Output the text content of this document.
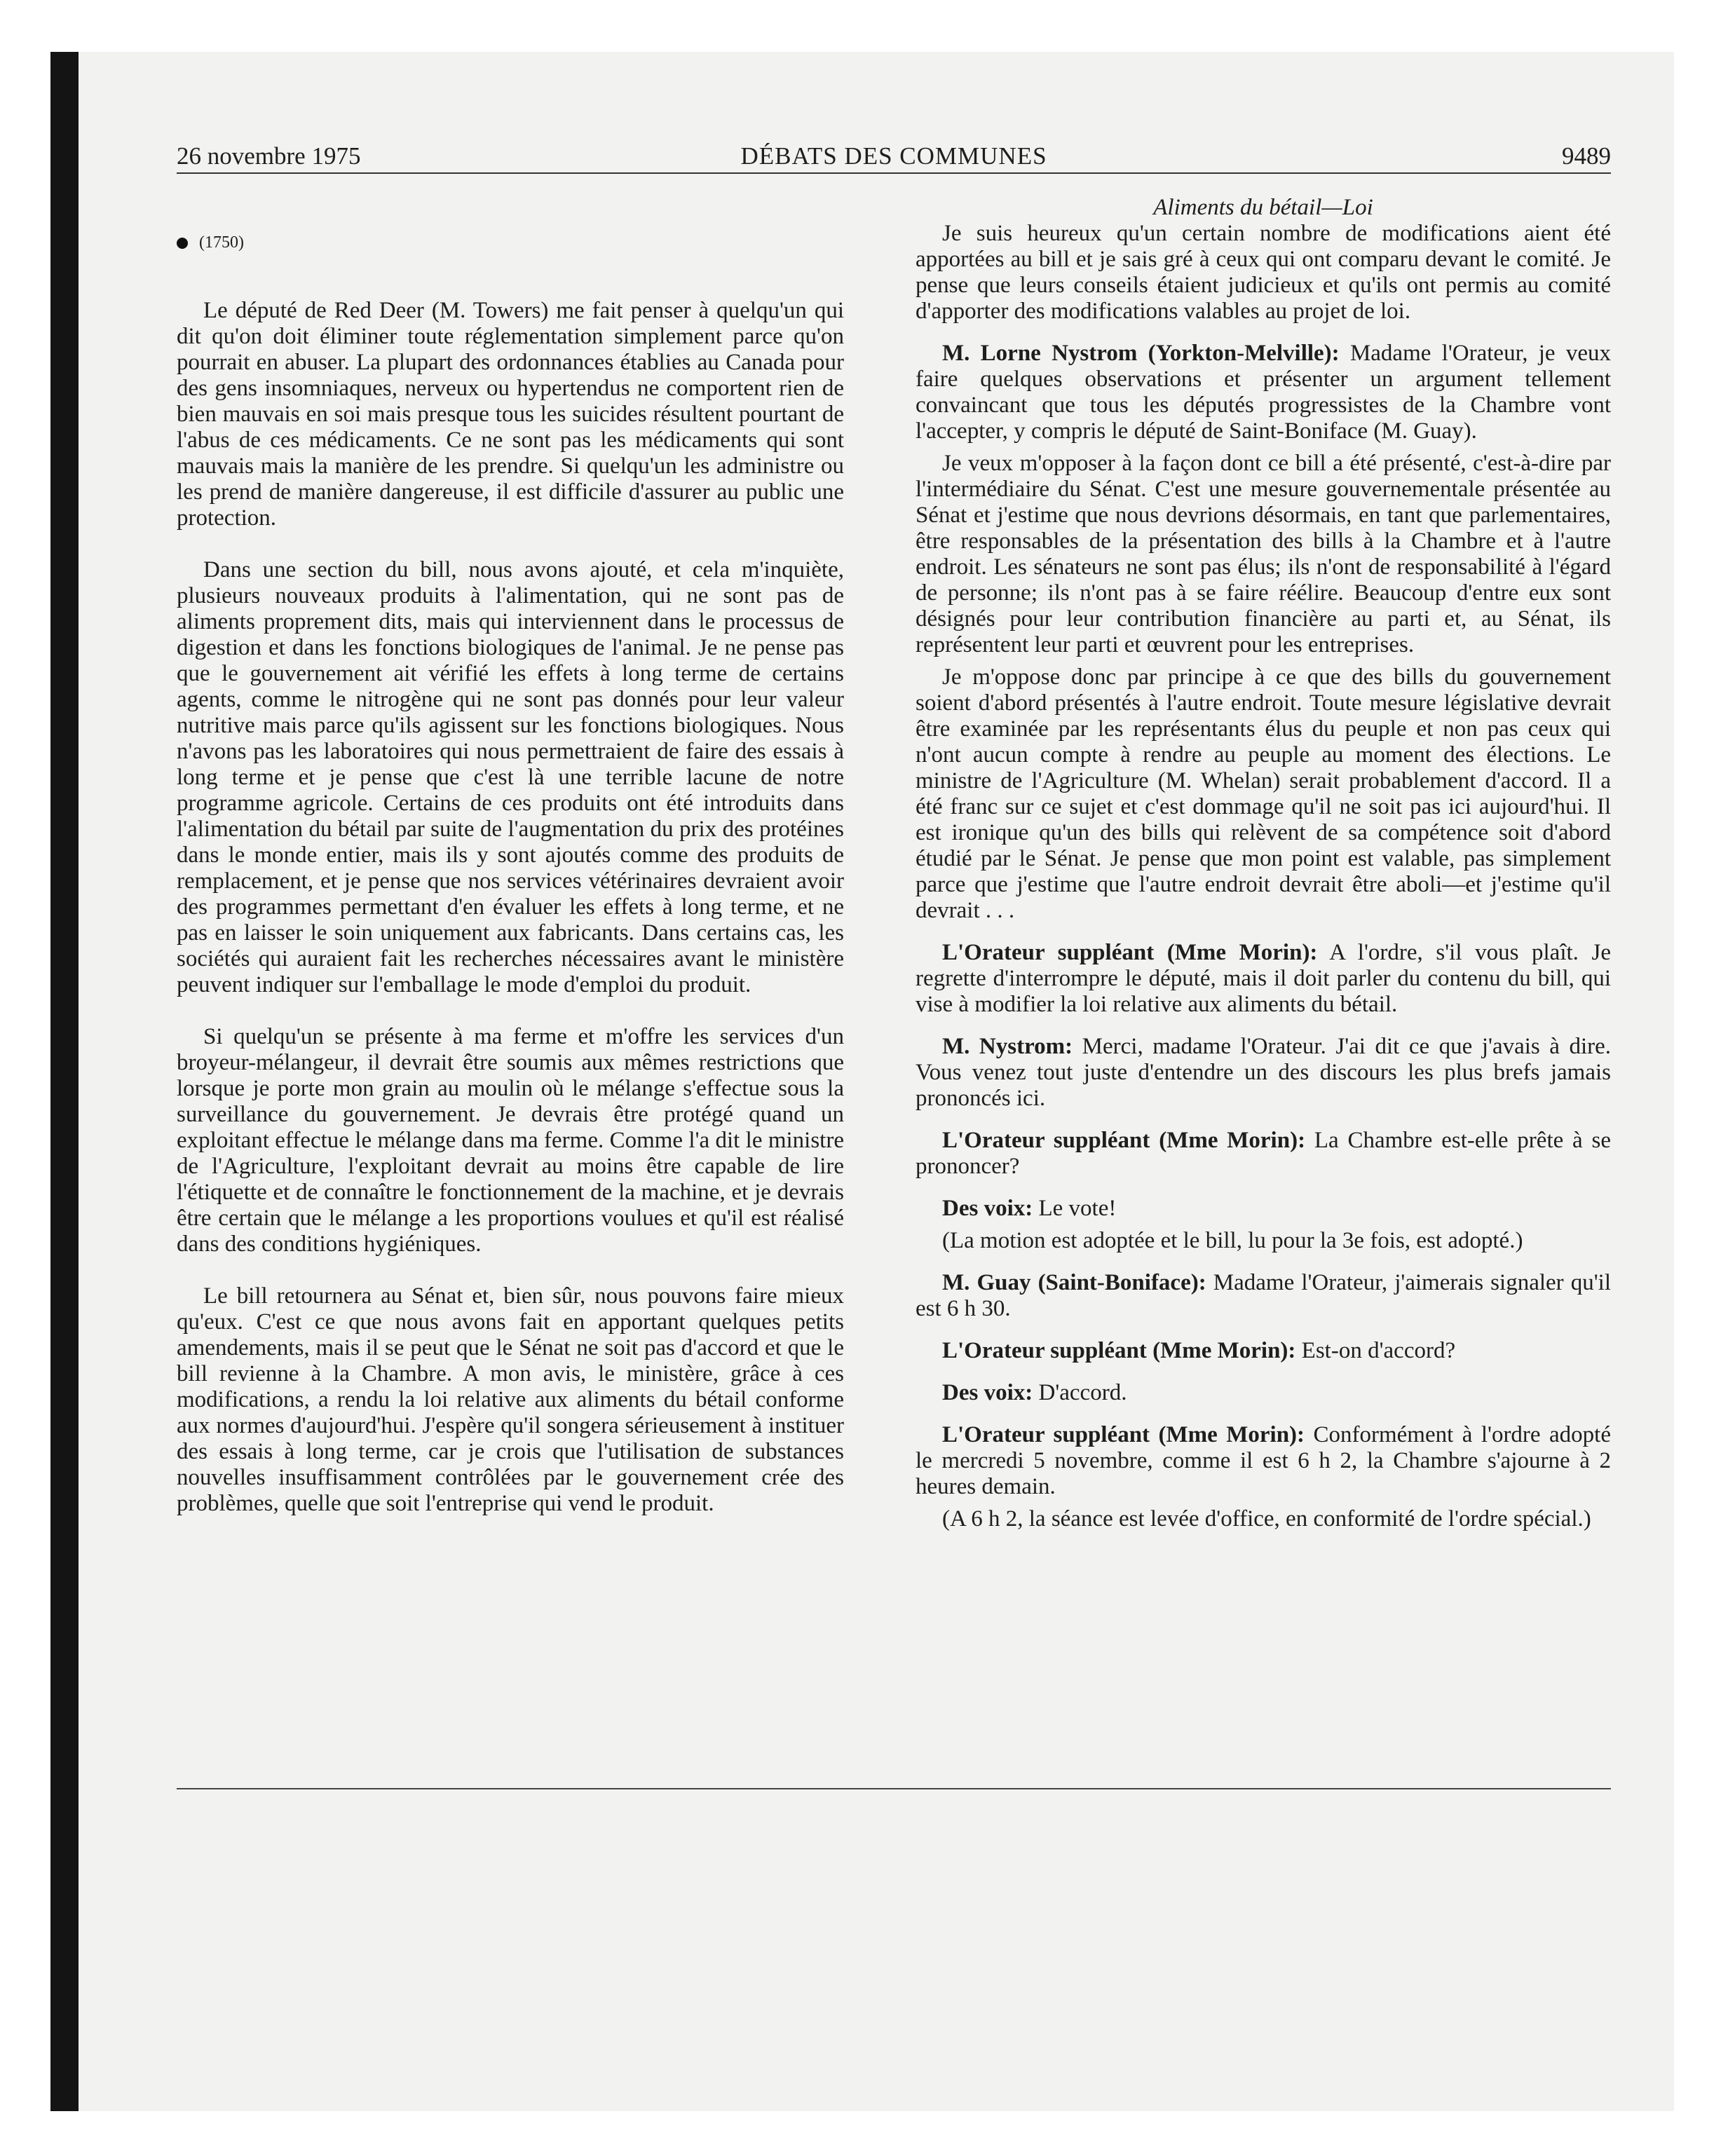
26 novembre 1975	DÉBATS DES COMMUNES	9489
(1750)

Le député de Red Deer (M. Towers) me fait penser à quelqu'un qui dit qu'on doit éliminer toute réglementation simplement parce qu'on pourrait en abuser. La plupart des ordonnances établies au Canada pour des gens insomniaques, nerveux ou hypertendus ne comportent rien de bien mauvais en soi mais presque tous les suicides résultent pourtant de l'abus de ces médicaments. Ce ne sont pas les médicaments qui sont mauvais mais la manière de les prendre. Si quelqu'un les administre ou les prend de manière dangereuse, il est difficile d'assurer au public une protection.

Dans une section du bill, nous avons ajouté, et cela m'inquiète, plusieurs nouveaux produits à l'alimentation, qui ne sont pas de aliments proprement dits, mais qui interviennent dans le processus de digestion et dans les fonctions biologiques de l'animal. Je ne pense pas que le gouvernement ait vérifié les effets à long terme de certains agents, comme le nitrogène qui ne sont pas donnés pour leur valeur nutritive mais parce qu'ils agissent sur les fonctions biologiques. Nous n'avons pas les laboratoires qui nous permettraient de faire des essais à long terme et je pense que c'est là une terrible lacune de notre programme agricole. Certains de ces produits ont été introduits dans l'alimentation du bétail par suite de l'augmentation du prix des protéines dans le monde entier, mais ils y sont ajoutés comme des produits de remplacement, et je pense que nos services vétérinaires devraient avoir des programmes permettant d'en évaluer les effets à long terme, et ne pas en laisser le soin uniquement aux fabricants. Dans certains cas, les sociétés qui auraient fait les recherches nécessaires avant le ministère peuvent indiquer sur l'emballage le mode d'emploi du produit.

Si quelqu'un se présente à ma ferme et m'offre les services d'un broyeur-mélangeur, il devrait être soumis aux mêmes restrictions que lorsque je porte mon grain au moulin où le mélange s'effectue sous la surveillance du gouvernement. Je devrais être protégé quand un exploitant effectue le mélange dans ma ferme. Comme l'a dit le ministre de l'Agriculture, l'exploitant devrait au moins être capable de lire l'étiquette et de connaître le fonctionnement de la machine, et je devrais être certain que le mélange a les proportions voulues et qu'il est réalisé dans des conditions hygiéniques.

Le bill retournera au Sénat et, bien sûr, nous pouvons faire mieux qu'eux. C'est ce que nous avons fait en apportant quelques petits amendements, mais il se peut que le Sénat ne soit pas d'accord et que le bill revienne à la Chambre. A mon avis, le ministère, grâce à ces modifications, a rendu la loi relative aux aliments du bétail conforme aux normes d'aujourd'hui. J'espère qu'il songera sérieusement à instituer des essais à long terme, car je crois que l'utilisation de substances nouvelles insuffisamment contrôlées par le gouvernement crée des problèmes, quelle que soit l'entreprise qui vend le produit.

Aliments du bétail—Loi

Je suis heureux qu'un certain nombre de modifications aient été apportées au bill et je sais gré à ceux qui ont comparu devant le comité. Je pense que leurs conseils étaient judicieux et qu'ils ont permis au comité d'apporter des modifications valables au projet de loi.

M. Lorne Nystrom (Yorkton-Melville): Madame l'Orateur, je veux faire quelques observations et présenter un argument tellement convaincant que tous les députés progressistes de la Chambre vont l'accepter, y compris le député de Saint-Boniface (M. Guay).

Je veux m'opposer à la façon dont ce bill a été présenté, c'est-à-dire par l'intermédiaire du Sénat. C'est une mesure gouvernementale présentée au Sénat et j'estime que nous devrions désormais, en tant que parlementaires, être responsables de la présentation des bills à la Chambre et à l'autre endroit. Les sénateurs ne sont pas élus; ils n'ont de responsabilité à l'égard de personne; ils n'ont pas à se faire réélire. Beaucoup d'entre eux sont désignés pour leur contribution financière au parti et, au Sénat, ils représentent leur parti et œuvrent pour les entreprises.

Je m'oppose donc par principe à ce que des bills du gouvernement soient d'abord présentés à l'autre endroit. Toute mesure législative devrait être examinée par les représentants élus du peuple et non pas ceux qui n'ont aucun compte à rendre au peuple au moment des élections. Le ministre de l'Agriculture (M. Whelan) serait probablement d'accord. Il a été franc sur ce sujet et c'est dommage qu'il ne soit pas ici aujourd'hui. Il est ironique qu'un des bills qui relèvent de sa compétence soit d'abord étudié par le Sénat. Je pense que mon point est valable, pas simplement parce que j'estime que l'autre endroit devrait être aboli—et j'estime qu'il devrait . . .

L'Orateur suppléant (Mme Morin): A l'ordre, s'il vous plaît. Je regrette d'interrompre le député, mais il doit parler du contenu du bill, qui vise à modifier la loi relative aux aliments du bétail.

M. Nystrom: Merci, madame l'Orateur. J'ai dit ce que j'avais à dire. Vous venez tout juste d'entendre un des discours les plus brefs jamais prononcés ici.

L'Orateur suppléant (Mme Morin): La Chambre est-elle prête à se prononcer?

Des voix: Le vote!

(La motion est adoptée et le bill, lu pour la 3e fois, est adopté.)

M. Guay (Saint-Boniface): Madame l'Orateur, j'aimerais signaler qu'il est 6 h 30.

L'Orateur suppléant (Mme Morin): Est-on d'accord?

Des voix: D'accord.

L'Orateur suppléant (Mme Morin): Conformément à l'ordre adopté le mercredi 5 novembre, comme il est 6 h 2, la Chambre s'ajourne à 2 heures demain.

(A 6 h 2, la séance est levée d'office, en conformité de l'ordre spécial.)
